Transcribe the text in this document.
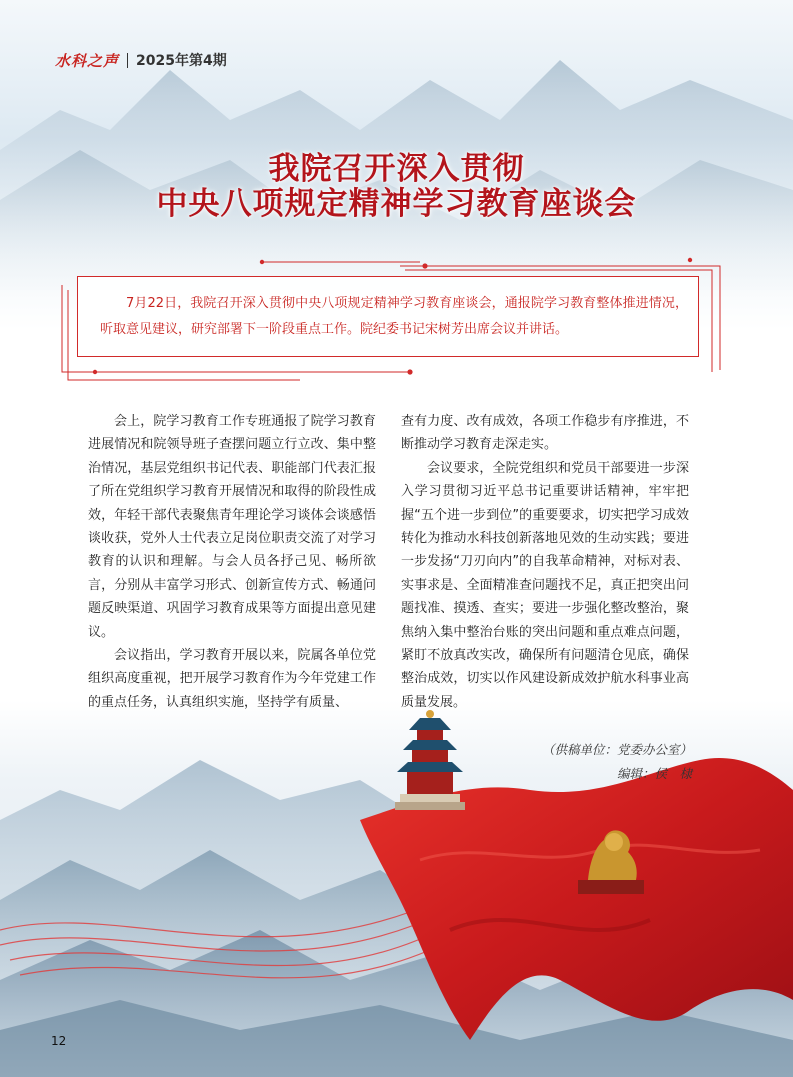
水科之声 2025年第4期
我院召开深入贯彻
中央八项规定精神学习教育座谈会

7月22日，我院召开深入贯彻中央八项规定精神学习教育座谈会，通报院学习教育整体推进情况，听取意见建议，研究部署下一阶段重点工作。院纪委书记宋树芳出席会议并讲话。

会上，院学习教育工作专班通报了院学习教育进展情况和院领导班子查摆问题立行立改、集中整治情况，基层党组织书记代表、职能部门代表汇报了所在党组织学习教育开展情况和取得的阶段性成效，年轻干部代表聚焦青年理论学习谈体会谈感悟谈收获，党外人士代表立足岗位职责交流了对学习教育的认识和理解。与会人员各抒己见、畅所欲言，分别从丰富学习形式、创新宣传方式、畅通问题反映渠道、巩固学习教育成果等方面提出意见建议。

会议指出，学习教育开展以来，院属各单位党组织高度重视，把开展学习教育作为今年党建工作的重点任务，认真组织实施，坚持学有质量、

查有力度、改有成效，各项工作稳步有序推进，不断推动学习教育走深走实。

会议要求，全院党组织和党员干部要进一步深入学习贯彻习近平总书记重要讲话精神，牢牢把握“五个进一步到位”的重要要求，切实把学习成效转化为推动水科技创新落地见效的生动实践；要进一步发扬“刀刃向内”的自我革命精神，对标对表、实事求是、全面精准查问题找不足，真正把突出问题找准、摸透、查实；要进一步强化整改整治，聚焦纳入集中整治台账的突出问题和重点难点问题，紧盯不放真改实改，确保所有问题清仓见底，确保整治成效，切实以作风建设新成效护航水科事业高质量发展。

（供稿单位：党委办公室）
编辑：侯　棣
12
